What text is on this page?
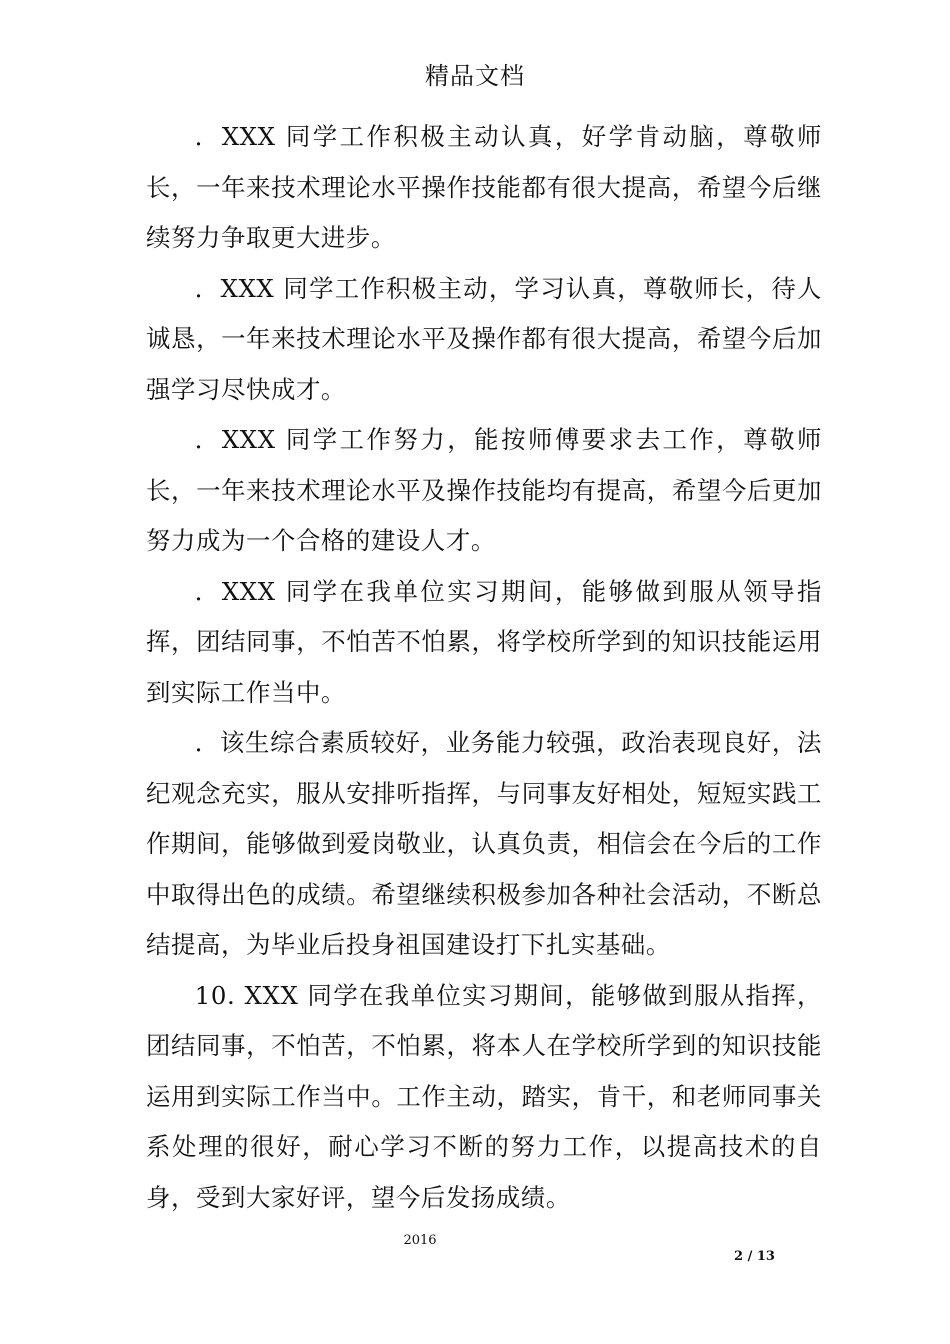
精品文档

．XXX 同学工作积极主动认真，好学肯动脑，尊敬师长，一年来技术理论水平操作技能都有很大提高，希望今后继续努力争取更大进步。

．XXX 同学工作积极主动，学习认真，尊敬师长，待人诚恳，一年来技术理论水平及操作都有很大提高，希望今后加强学习尽快成才。

．XXX 同学工作努力，能按师傅要求去工作，尊敬师长，一年来技术理论水平及操作技能均有提高，希望今后更加努力成为一个合格的建设人才。

．XXX 同学在我单位实习期间，能够做到服从领导指挥，团结同事，不怕苦不怕累，将学校所学到的知识技能运用到实际工作当中。

．该生综合素质较好，业务能力较强，政治表现良好，法纪观念充实，服从安排听指挥，与同事友好相处，短短实践工作期间，能够做到爱岗敬业，认真负责，相信会在今后的工作中取得出色的成绩。希望继续积极参加各种社会活动，不断总结提高，为毕业后投身祖国建设打下扎实基础。

10. XXX 同学在我单位实习期间，能够做到服从指挥，团结同事，不怕苦，不怕累，将本人在学校所学到的知识技能运用到实际工作当中。工作主动，踏实，肯干，和老师同事关系处理的很好，耐心学习不断的努力工作，以提高技术的自身，受到大家好评，望今后发扬成绩。

2016
2 / 13
